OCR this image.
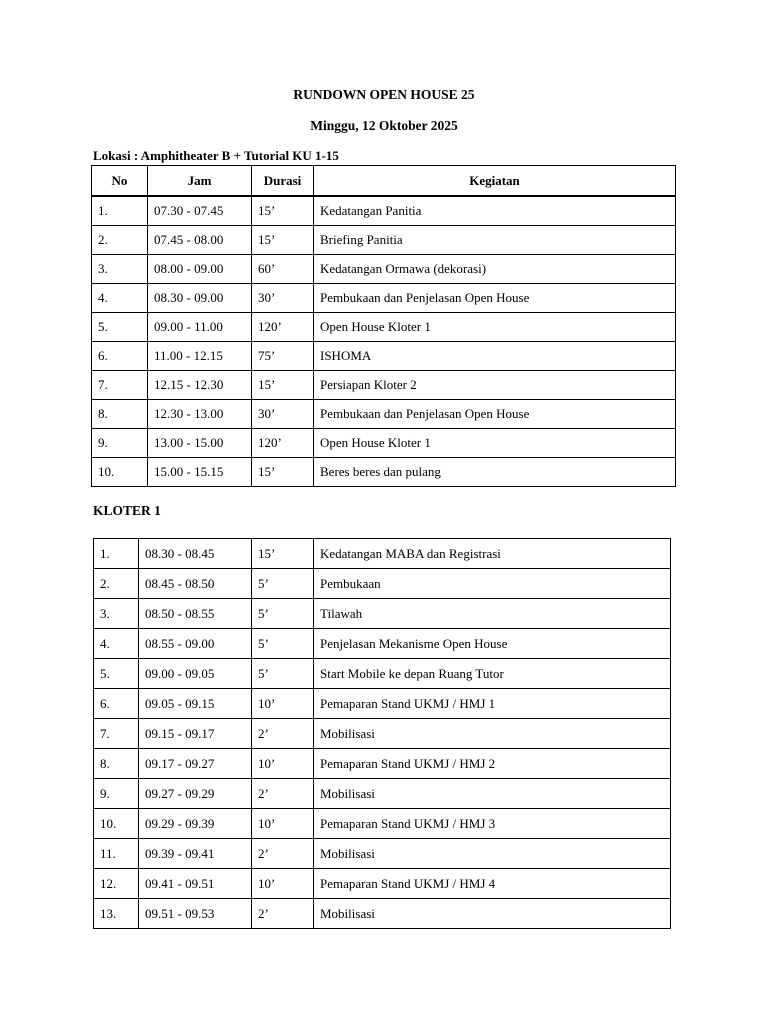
RUNDOWN OPEN HOUSE 25
Minggu, 12 Oktober 2025
Lokasi : Amphitheater B + Tutorial KU 1-15
No	Jam	Durasi	Kegiatan
1.	07.30 - 07.45	15’	Kedatangan Panitia
2.	07.45 - 08.00	15’	Briefing Panitia
3.	08.00 - 09.00	60’	Kedatangan Ormawa (dekorasi)
4.	08.30 - 09.00	30’	Pembukaan dan Penjelasan Open House
5.	09.00 - 11.00	120’	Open House Kloter 1
6.	11.00 - 12.15	75’	ISHOMA
7.	12.15 - 12.30	15’	Persiapan Kloter 2
8.	12.30 - 13.00	30’	Pembukaan dan Penjelasan Open House
9.	13.00 - 15.00	120’	Open House Kloter 1
10.	15.00 - 15.15	15’	Beres beres dan pulang
KLOTER 1
1.	08.30 - 08.45	15’	Kedatangan MABA dan Registrasi
2.	08.45 - 08.50	5’	Pembukaan
3.	08.50 - 08.55	5’	Tilawah
4.	08.55 - 09.00	5’	Penjelasan Mekanisme Open House
5.	09.00 - 09.05	5’	Start Mobile ke depan Ruang Tutor
6.	09.05 - 09.15	10’	Pemaparan Stand UKMJ / HMJ 1
7.	09.15 - 09.17	2’	Mobilisasi
8.	09.17 - 09.27	10’	Pemaparan Stand UKMJ / HMJ 2
9.	09.27 - 09.29	2’	Mobilisasi
10.	09.29 - 09.39	10’	Pemaparan Stand UKMJ / HMJ 3
11.	09.39 - 09.41	2’	Mobilisasi
12.	09.41 - 09.51	10’	Pemaparan Stand UKMJ / HMJ 4
13.	09.51 - 09.53	2’	Mobilisasi
